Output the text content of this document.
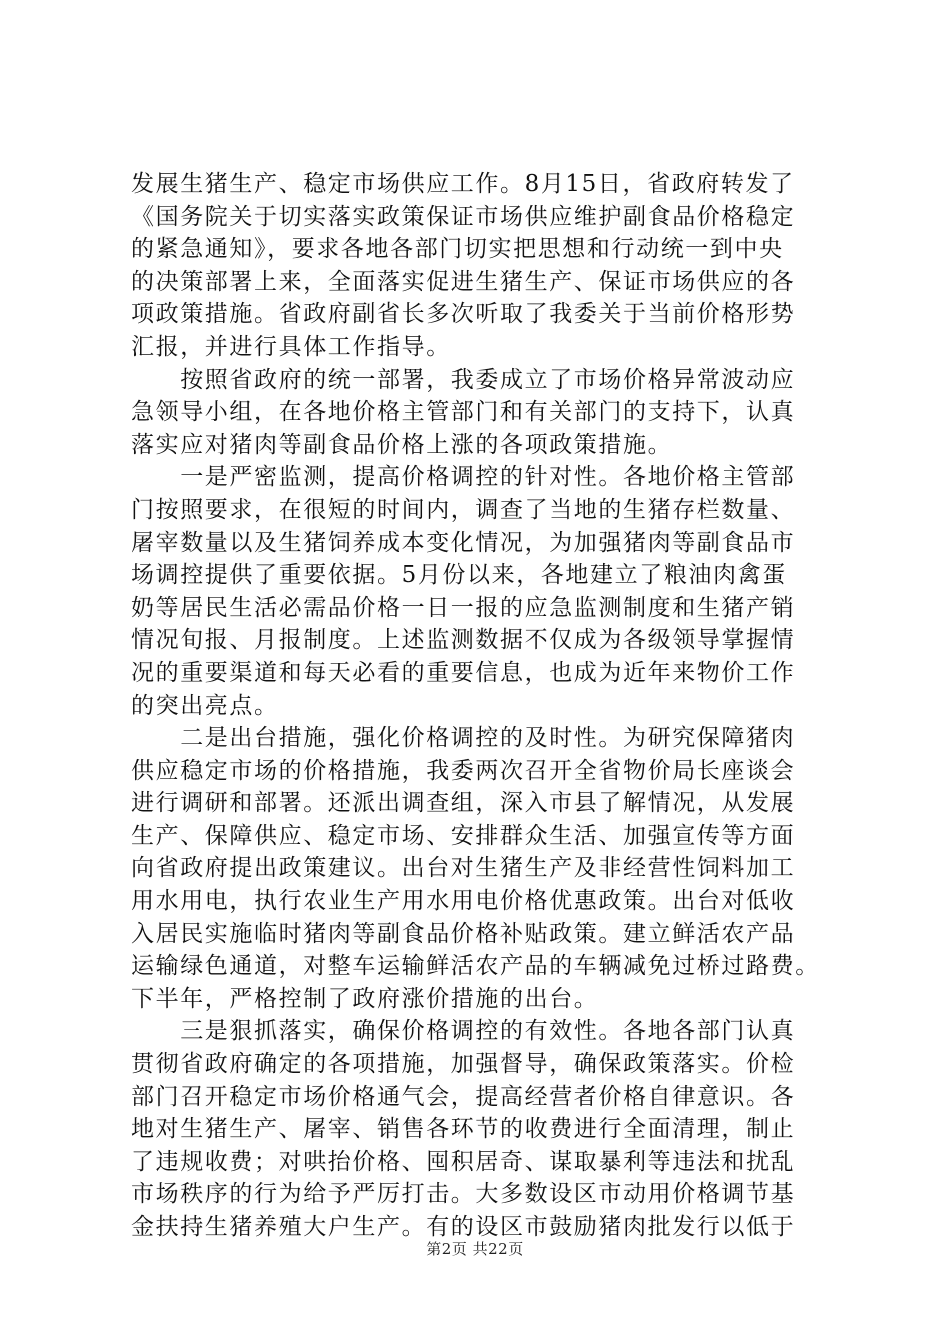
发展生猪生产、稳定市场供应工作。8月15日，省政府转发了
《国务院关于切实落实政策保证市场供应维护副食品价格稳定
的紧急通知》，要求各地各部门切实把思想和行动统一到中央
的决策部署上来，全面落实促进生猪生产、保证市场供应的各
项政策措施。省政府副省长多次听取了我委关于当前价格形势
汇报，并进行具体工作指导。
　　按照省政府的统一部署，我委成立了市场价格异常波动应
急领导小组，在各地价格主管部门和有关部门的支持下，认真
落实应对猪肉等副食品价格上涨的各项政策措施。
　　一是严密监测，提高价格调控的针对性。各地价格主管部
门按照要求，在很短的时间内，调查了当地的生猪存栏数量、
屠宰数量以及生猪饲养成本变化情况，为加强猪肉等副食品市
场调控提供了重要依据。5月份以来，各地建立了粮油肉禽蛋
奶等居民生活必需品价格一日一报的应急监测制度和生猪产销
情况旬报、月报制度。上述监测数据不仅成为各级领导掌握情
况的重要渠道和每天必看的重要信息，也成为近年来物价工作
的突出亮点。
　　二是出台措施，强化价格调控的及时性。为研究保障猪肉
供应稳定市场的价格措施，我委两次召开全省物价局长座谈会
进行调研和部署。还派出调查组，深入市县了解情况，从发展
生产、保障供应、稳定市场、安排群众生活、加强宣传等方面
向省政府提出政策建议。出台对生猪生产及非经营性饲料加工
用水用电，执行农业生产用水用电价格优惠政策。出台对低收
入居民实施临时猪肉等副食品价格补贴政策。建立鲜活农产品
运输绿色通道，对整车运输鲜活农产品的车辆减免过桥过路费。
下半年，严格控制了政府涨价措施的出台。
　　三是狠抓落实，确保价格调控的有效性。各地各部门认真
贯彻省政府确定的各项措施，加强督导，确保政策落实。价检
部门召开稳定市场价格通气会，提高经营者价格自律意识。各
地对生猪生产、屠宰、销售各环节的收费进行全面清理，制止
了违规收费；对哄抬价格、囤积居奇、谋取暴利等违法和扰乱
市场秩序的行为给予严厉打击。大多数设区市动用价格调节基
金扶持生猪养殖大户生产。有的设区市鼓励猪肉批发行以低于
第2页 共22页
